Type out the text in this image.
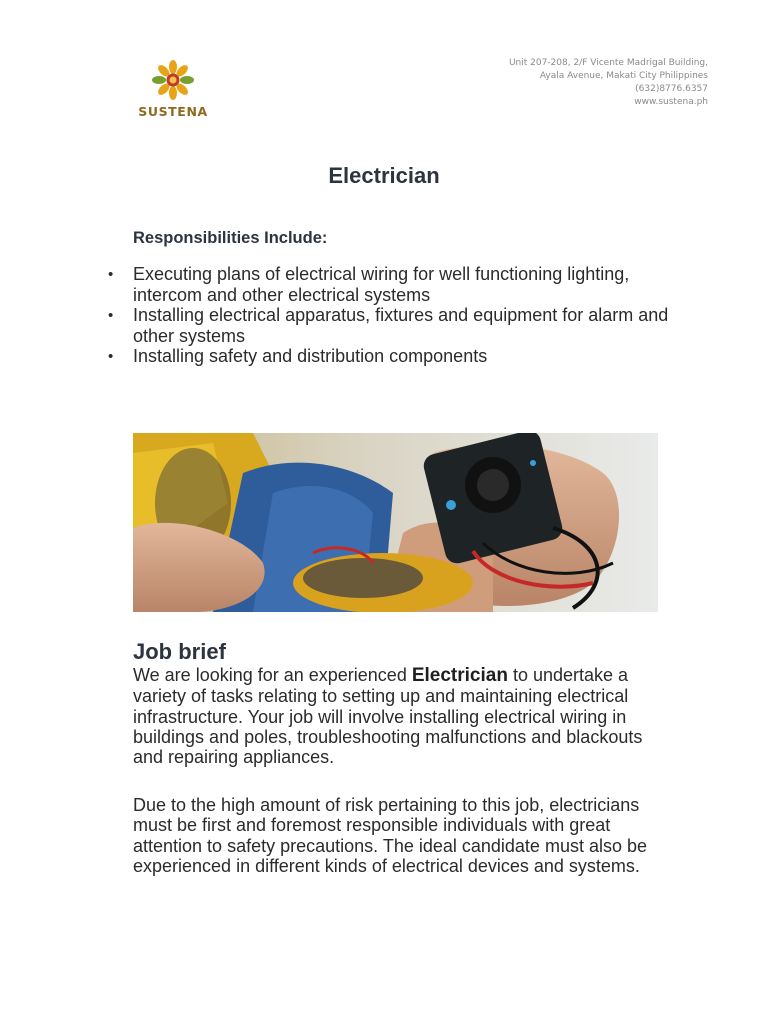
SUSTENA
Unit 207-208, 2/F Vicente Madrigal Building,
Ayala Avenue, Makati City Philippines
(632)8776.6357
www.sustena.ph
Electrician
Responsibilities Include:
• Executing plans of electrical wiring for well functioning lighting, intercom and other electrical systems
• Installing electrical apparatus, fixtures and equipment for alarm and other systems
• Installing safety and distribution components
Job brief

We are looking for an experienced Electrician to undertake a variety of tasks relating to setting up and maintaining electrical infrastructure. Your job will involve installing electrical wiring in buildings and poles, troubleshooting malfunctions and blackouts and repairing appliances.

Due to the high amount of risk pertaining to this job, electricians must be first and foremost responsible individuals with great attention to safety precautions. The ideal candidate must also be experienced in different kinds of electrical devices and systems.
